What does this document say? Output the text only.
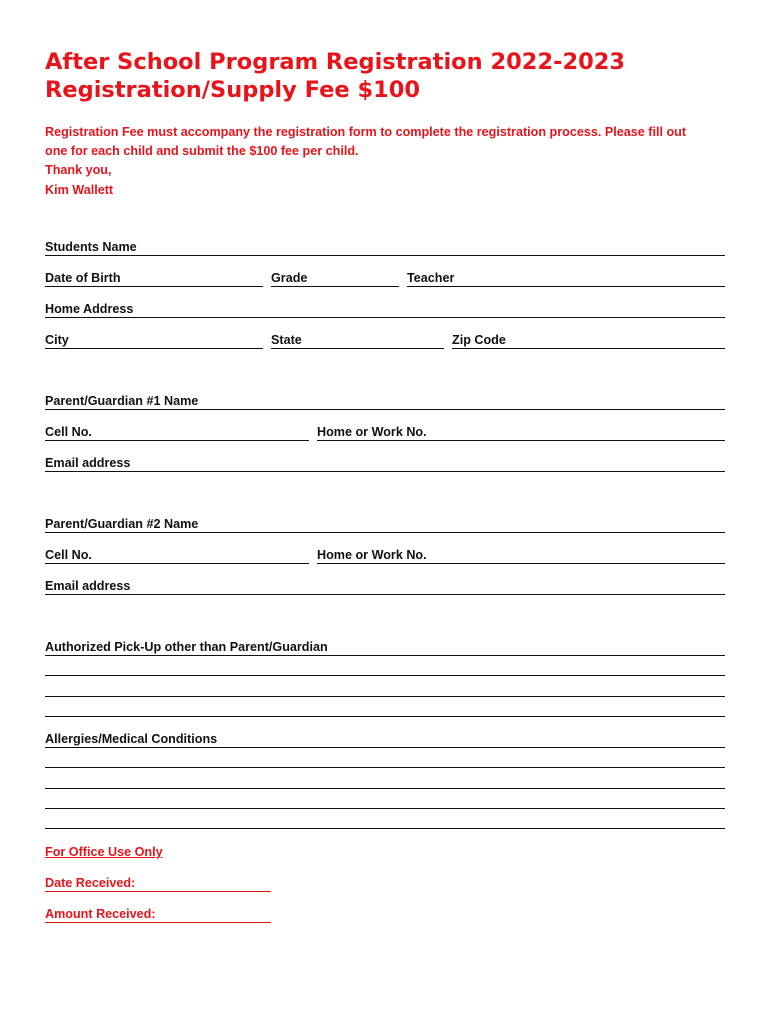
After School Program Registration 2022-2023
Registration/Supply Fee $100
Registration Fee must accompany the registration form to complete the registration process. Please fill out
one for each child and submit the $100 fee per child.
Thank you,
Kim Wallett
Students Name
Date of Birth	Grade	Teacher
Home Address
City	State	Zip Code
Parent/Guardian #1 Name
Cell No.	Home or Work No.
Email address
Parent/Guardian #2 Name
Cell No.	Home or Work No.
Email address
Authorized Pick-Up other than Parent/Guardian
Allergies/Medical Conditions
For Office Use Only
Date Received:
Amount Received:
